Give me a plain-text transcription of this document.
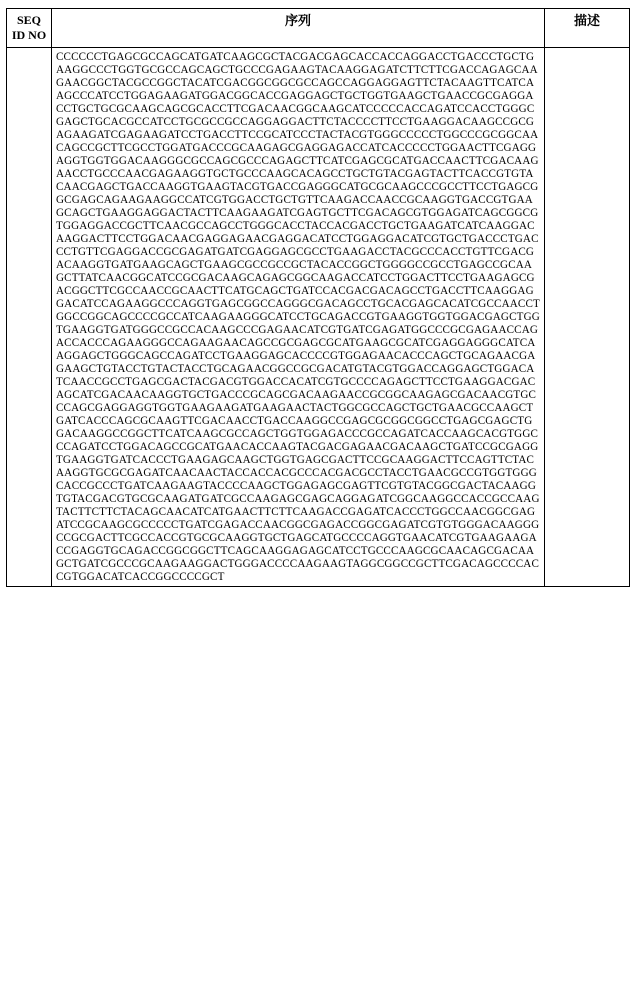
SEQ ID NO	序列	描述

	CCCCCCTGAGCGCCAGCATGATCAAGCGCTACGACGAGCACCACCAGGACCTGACCCTGCTGAAGGCCCTGGTGCGCCAGCAGCTGCCCGAGAAGTACAAGGAGATCTTCTTCGACCAGAGCAAGAACGGCTACGCCGGCTACATCGACGGCGGCGCCAGCCAGGAGGAGTTCTACAAGTTCATCAAGCCCATCCTGGAGAAGATGGACGGCACCGAGGAGCTGCTGGTGAAGCTGAACCGCGAGGACCTGCTGCGCAAGCAGCGCACCTTCGACAACGGCAAGCATCCCCCACCAGATCCACCTGGGCGAGCTGCACGCCATCCTGCGCCGCCAGGAGGACTTCTACCCCTTCCTGAAGGACAAGCCGCGAGAAGATCGAGAAGATCCTGACCTTCCGCATCCCTACTACGTGGGCCCCCTGGCCCGCGGCAACAGCCGCTTCGCCTGGATGACCCGCAAGAGCGAGGAGACCATCACCCCCTGGAACTTCGAGGAGGTGGTGGACAAGGGCGCCAGCGCCCAGAGCTTCATCGAGCGCATGACCAACTTCGACAAGAACCTGCCCAACGAGAAGGTGCTGCCCAAGCACAGCCTGCTGTACGAGTACTTCACCGTGTACAACGAGCTGACCAAGGTGAAGTACGTGACCGAGGGCATGCGCAAGCCCGCCTTCCTGAGCGGCGAGCAGAAGAAGGCCATCGTGGACCTGCTGTTCAAGACCAACCGCAAGGTGACCGTGAAGCAGCTGAAGGAGGACTACTTCAAGAAGATCGAGTGCTTCGACAGCGTGGAGATCAGCGGCGTGGAGGACCGCTTCAACGCCAGCCTGGGCACCTACCACGACCTGCTGAAGATCATCAAGGACAAGGACTTCCTGGACAACGAGGAGAACGAGGACATCCTGGAGGACATCGTGCTGACCCTGACCCTGTTCGAGGACCGCGAGATGATCGAGGAGCGCCTGAAGACCTACGCCCACCTGTTCGACGACAAGGTGATGAAGCAGCTGAAGCGCCGCCGCTACACCGGCTGGGGCCGCCTGAGCCGCAAGCTTATCAACGGCATCCGCGACAAGCAGAGCGGCAAGACCATCCTGGACTTCCTGAAGAGCGACGGCTTCGCCAACCGCAACTTCATGCAGCTGATCCACGACGACAGCCTGACCTTCAAGGAGGACATCCAGAAGGCCCAGGTGAGCGGCCAGGGCGACAGCCTGCACGAGCACATCGCCAACCTGGCCGGCAGCCCCGCCATCAAGAAGGGCATCCTGCAGACCGTGAAGGTGGTGGACGAGCTGGTGAAGGTGATGGGCCGCCACAAGCCCGAGAACATCGTGATCGAGATGGCCCGCGAGAACCAGACCACCCAGAAGGGCCAGAAGAACAGCCGCGAGCGCATGAAGCGCATCGAGGAGGGCATCAAGGAGCTGGGCAGCCAGATCCTGAAGGAGCACCCCGTGGAGAACACCCAGCTGCAGAACGAGAAGCTGTACCTGTACTACCTGCAGAACGGCCGCGACATGTACGTGGACCAGGAGCTGGACATCAACCGCCTGAGCGACTACGACGTGGACCACATCGTGCCCCAGAGCTTCCTGAAGGACGACAGCATCGACAACAAGGTGCTGACCCGCAGCGACAAGAACCGCGGCAAGAGCGACAACGTGCCCAGCGAGGAGGTGGTGAAGAAGATGAAGAACTACTGGCGCCAGCTGCTGAACGCCAAGCTGATCACCCAGCGCAAGTTCGACAACCTGACCAAGGCCGAGCGCGGCGGCCTGAGCGAGCTGGACAAGGCCGGCTTCATCAAGCGCCAGCTGGTGGAGACCCGCCAGATCACCAAGCACGTGGCCCAGATCCTGGACAGCCGCATGAACACCAAGTACGACGAGAACGACAAGCTGATCCGCGAGGTGAAGGTGATCACCCTGAAGAGCAAGCTGGTGAGCGACTTCCGCAAGGACTTCCAGTTCTACAAGGTGCGCGAGATCAACAACTACCACCACGCCCACGACGCCTACCTGAACGCCGTGGTGGGCACCGCCCTGATCAAGAAGTACCCCAAGCTGGAGAGCGAGTTCGTGTACGGCGACTACAAGGTGTACGACGTGCGCAAGATGATCGCCAAGAGCGAGCAGGAGATCGGCAAGGCCACCGCCAAGTACTTCTTCTACAGCAACATCATGAACTTCTTCAAGACCGAGATCACCCTGGCCAACGGCGAGATCCGCAAGCGCCCCCTGATCGAGACCAACGGCGAGACCGGCGAGATCGTGTGGGACAAGGGCCGCGACTTCGCCACCGTGCGCAAGGTGCTGAGCATGCCCCAGGTGAACATCGTGAAGAAGACCGAGGTGCAGACCGGCGGCTTCAGCAAGGAGAGCATCCTGCCCAAGCGCAACAGCGACAAGCTGATCGCCCGCAAGAAGGACTGGGACCCCAAGAAGTAGGCGGCCGCTTCGACAGCCCCACCGTGGACATCACCGGCCCCGCT	
